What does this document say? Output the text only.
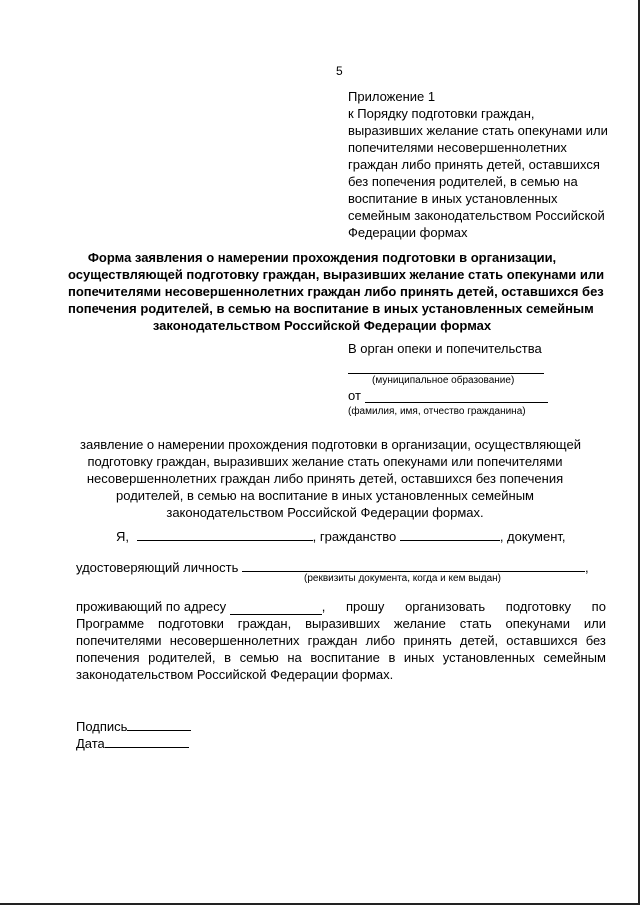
5
Приложение 1
к Порядку подготовки граждан,
выразивших желание стать опекунами или
попечителями несовершеннолетних
граждан либо принять детей, оставшихся
без попечения родителей, в семью на
воспитание в иных установленных
семейным законодательством Российской
Федерации формах
Форма заявления о намерении прохождения подготовки в организации,
осуществляющей подготовку граждан, выразивших желание стать опекунами или
попечителями несовершеннолетних граждан либо принять детей, оставшихся без
попечения родителей, в семью на воспитание в иных установленных семейным
законодательством Российской Федерации формах
В орган опеки и попечительства
(муниципальное образование)
от
(фамилия, имя, отчество гражданина)
заявление о намерении прохождения подготовки в организации, осуществляющей
подготовку граждан, выразивших желание стать опекунами или попечителями
несовершеннолетних граждан либо принять детей, оставшихся без попечения
родителей, в семью на воспитание в иных установленных семейным
законодательством Российской Федерации формах.
Я,	, гражданство	, документ,
удостоверяющий личность	,
(реквизиты документа, когда и кем выдан)
проживающий
по
адресу
	, прошу организовать подготовку по
Программе подготовки граждан, выразивших желание стать опекунами или
попечителями несовершеннолетних граждан либо принять детей, оставшихся без
попечения родителей, в семью на воспитание в иных установленных семейным
законодательством Российской Федерации формах.
Подпись
Дата
